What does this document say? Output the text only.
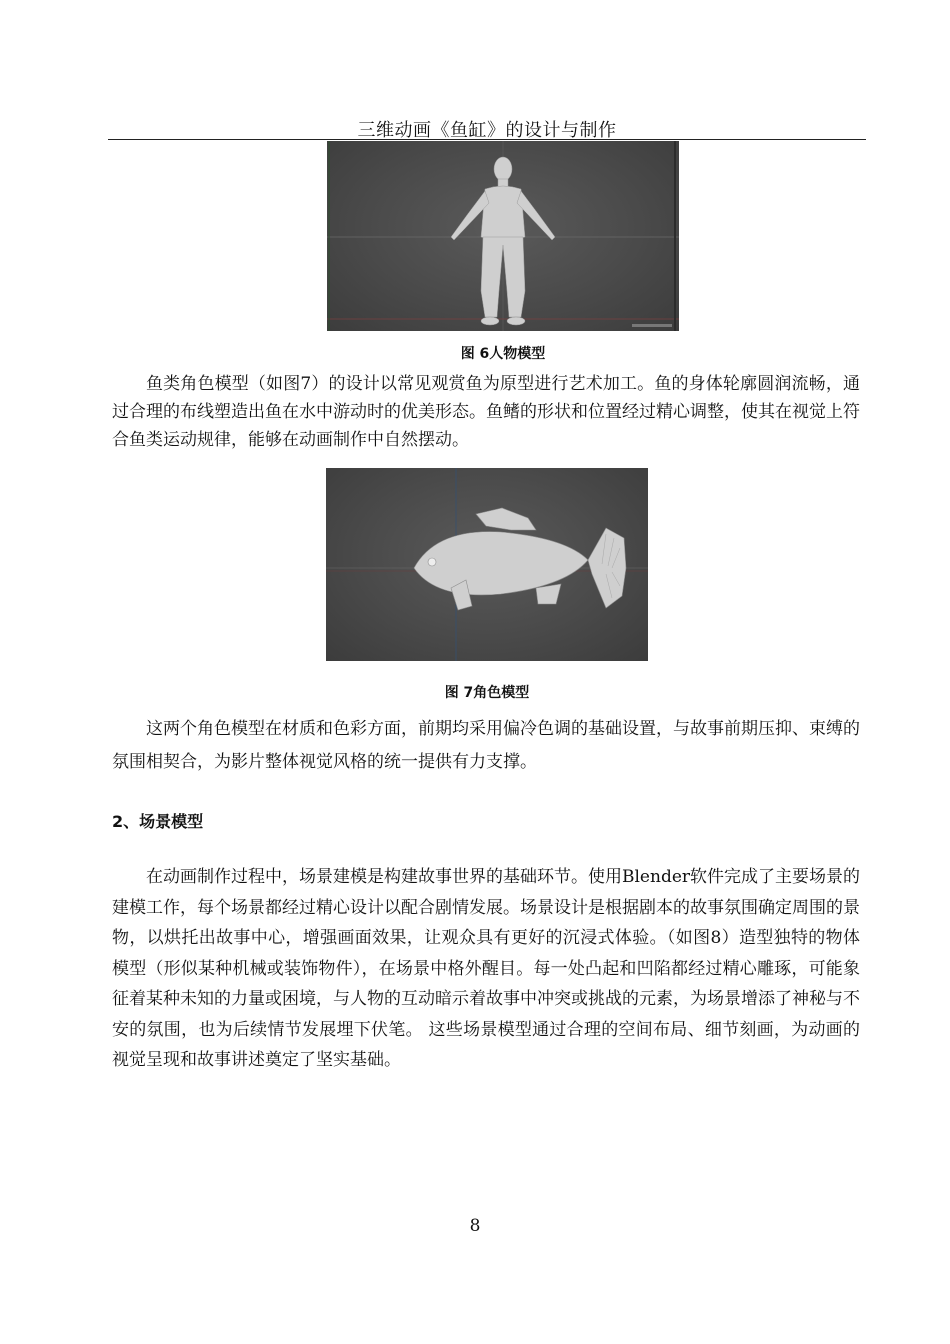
三维动画《鱼缸》的设计与制作
图 6人物模型
鱼类角色模型（如图7）的设计以常见观赏鱼为原型进行艺术加工。鱼的身体轮廓圆润流畅，通过合理的布线塑造出鱼在水中游动时的优美形态。鱼鳍的形状和位置经过精心调整，使其在视觉上符合鱼类运动规律，能够在动画制作中自然摆动。
图 7角色模型
这两个角色模型在材质和色彩方面，前期均采用偏冷色调的基础设置，与故事前期压抑、束缚的氛围相契合，为影片整体视觉风格的统一提供有力支撑。
2、场景模型
在动画制作过程中，场景建模是构建故事世界的基础环节。使用Blender软件完成了主要场景的建模工作，每个场景都经过精心设计以配合剧情发展。场景设计是根据剧本的故事氛围确定周围的景物，以烘托出故事中心，增强画面效果，让观众具有更好的沉浸式体验。（如图8）造型独特的物体模型（形似某种机械或装饰物件），在场景中格外醒目。每一处凸起和凹陷都经过精心雕琢，可能象征着某种未知的力量或困境，与人物的互动暗示着故事中冲突或挑战的元素，为场景增添了神秘与不安的氛围，也为后续情节发展埋下伏笔。 这些场景模型通过合理的空间布局、细节刻画，为动画的视觉呈现和故事讲述奠定了坚实基础。
8
